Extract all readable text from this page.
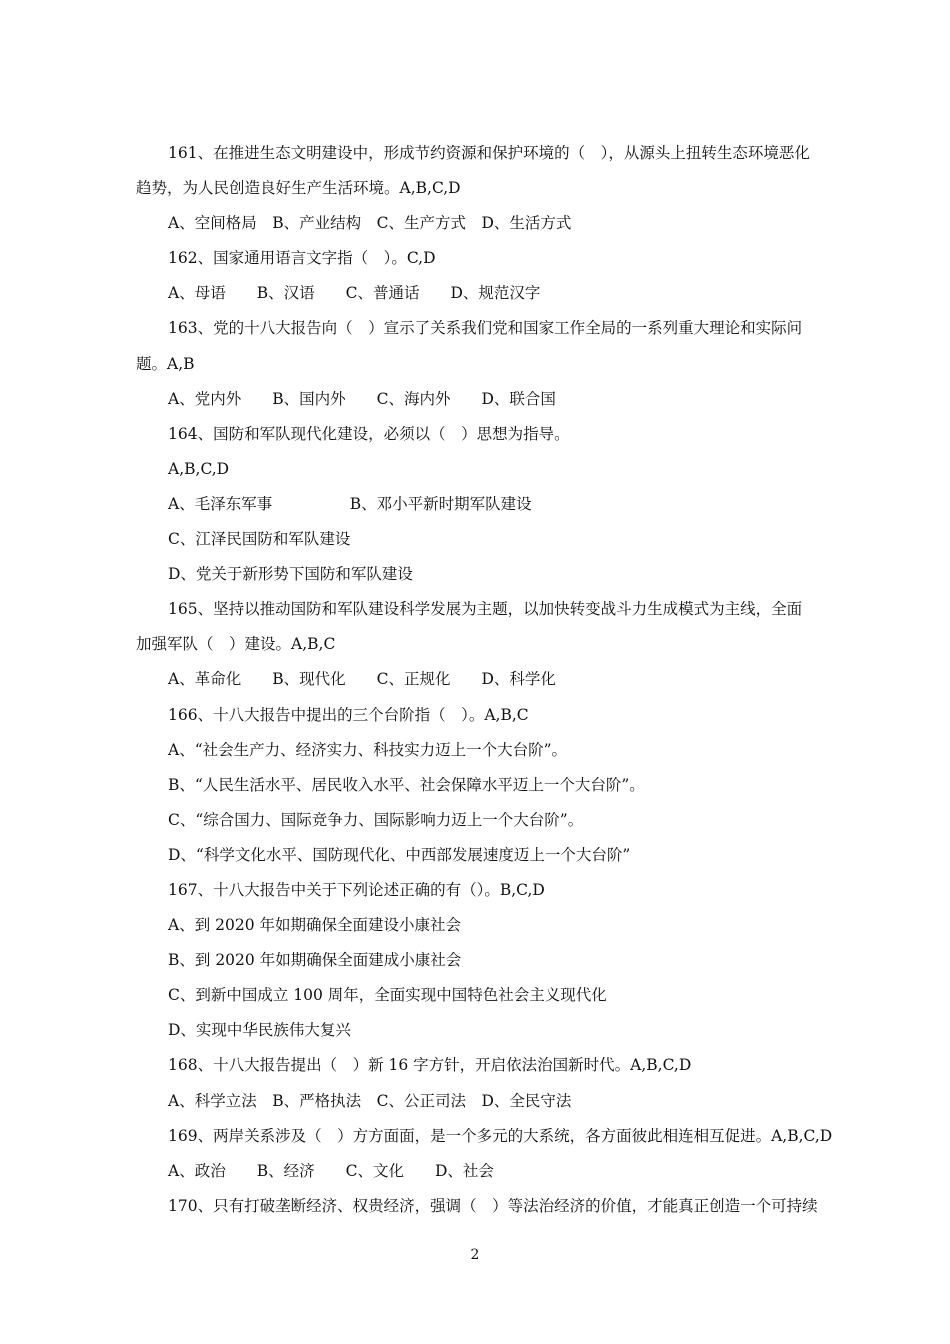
161、在推进生态文明建设中，形成节约资源和保护环境的（　），从源头上扭转生态环境恶化
趋势，为人民创造良好生产生活环境。A,B,C,D
A、空间格局　B、产业结构　C、生产方式　D、生活方式
162、国家通用语言文字指（　）。C,D
A、母语　　B、汉语　　C、普通话　　D、规范汉字
163、党的十八大报告向（　）宣示了关系我们党和国家工作全局的一系列重大理论和实际问
题。A,B
A、党内外　　B、国内外　　C、海内外　　D、联合国
164、国防和军队现代化建设，必须以（　）思想为指导。
A,B,C,D
A、毛泽东军事　　　　　B、邓小平新时期军队建设
C、江泽民国防和军队建设
D、党关于新形势下国防和军队建设
165、坚持以推动国防和军队建设科学发展为主题，以加快转变战斗力生成模式为主线，全面
加强军队（　）建设。A,B,C
A、革命化　　B、现代化　　C、正规化　　D、科学化
166、十八大报告中提出的三个台阶指（　）。A,B,C
A、“社会生产力、经济实力、科技实力迈上一个大台阶”。
B、“人民生活水平、居民收入水平、社会保障水平迈上一个大台阶”。
C、“综合国力、国际竞争力、国际影响力迈上一个大台阶”。
D、“科学文化水平、国防现代化、中西部发展速度迈上一个大台阶”
167、十八大报告中关于下列论述正确的有（）。B,C,D
A、到 2020 年如期确保全面建设小康社会
B、到 2020 年如期确保全面建成小康社会
C、到新中国成立 100 周年，全面实现中国特色社会主义现代化
D、实现中华民族伟大复兴
168、十八大报告提出（　）新 16 字方针，开启依法治国新时代。A,B,C,D
A、科学立法　B、严格执法　C、公正司法　D、全民守法
169、两岸关系涉及（　）方方面面，是一个多元的大系统，各方面彼此相连相互促进。A,B,C,D
A、政治　　B、经济　　C、文化　　D、社会
170、只有打破垄断经济、权贵经济，强调（　）等法治经济的价值，才能真正创造一个可持续
2
